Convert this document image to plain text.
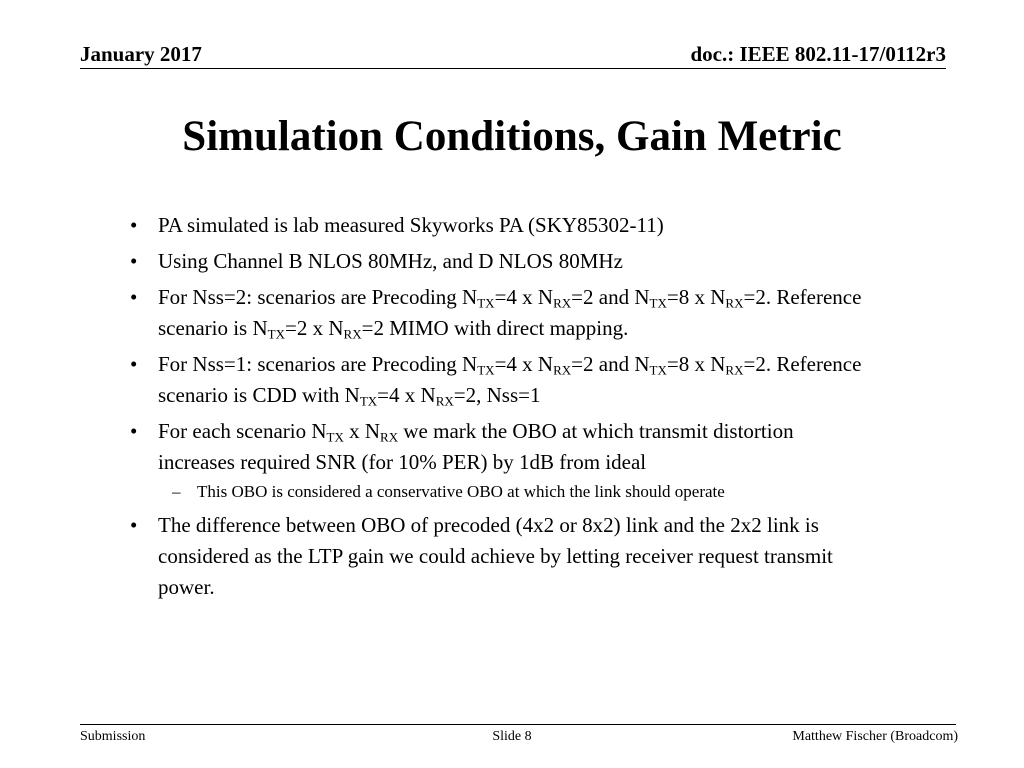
January 2017	doc.: IEEE 802.11-17/0112r3
Simulation Conditions, Gain Metric
• PA simulated is lab measured Skyworks PA (SKY85302-11)
• Using Channel B NLOS 80MHz, and D NLOS 80MHz
• For Nss=2: scenarios are Precoding $N_{TX}=4$ x $N_{RX}=2$ and $N_{TX}=8$ x $N_{RX}=2$. Reference scenario is $N_{TX}=2$ x $N_{RX}=2$ MIMO with direct mapping.
• For Nss=1: scenarios are Precoding $N_{TX}=4$ x $N_{RX}=2$ and $N_{TX}=8$ x $N_{RX}=2$. Reference scenario is CDD with $N_{TX}=4$ x $N_{RX}=2$, Nss=1
• For each scenario $N_{TX}$ x $N_{RX}$ we mark the OBO at which transmit distortion increases required SNR (for 10% PER) by 1dB from ideal
– This OBO is considered a conservative OBO at which the link should operate
• The difference between OBO of precoded (4x2 or 8x2) link and the 2x2 link is considered as the LTP gain we could achieve by letting receiver request transmit power.
Submission	Slide 8	Matthew Fischer (Broadcom)
